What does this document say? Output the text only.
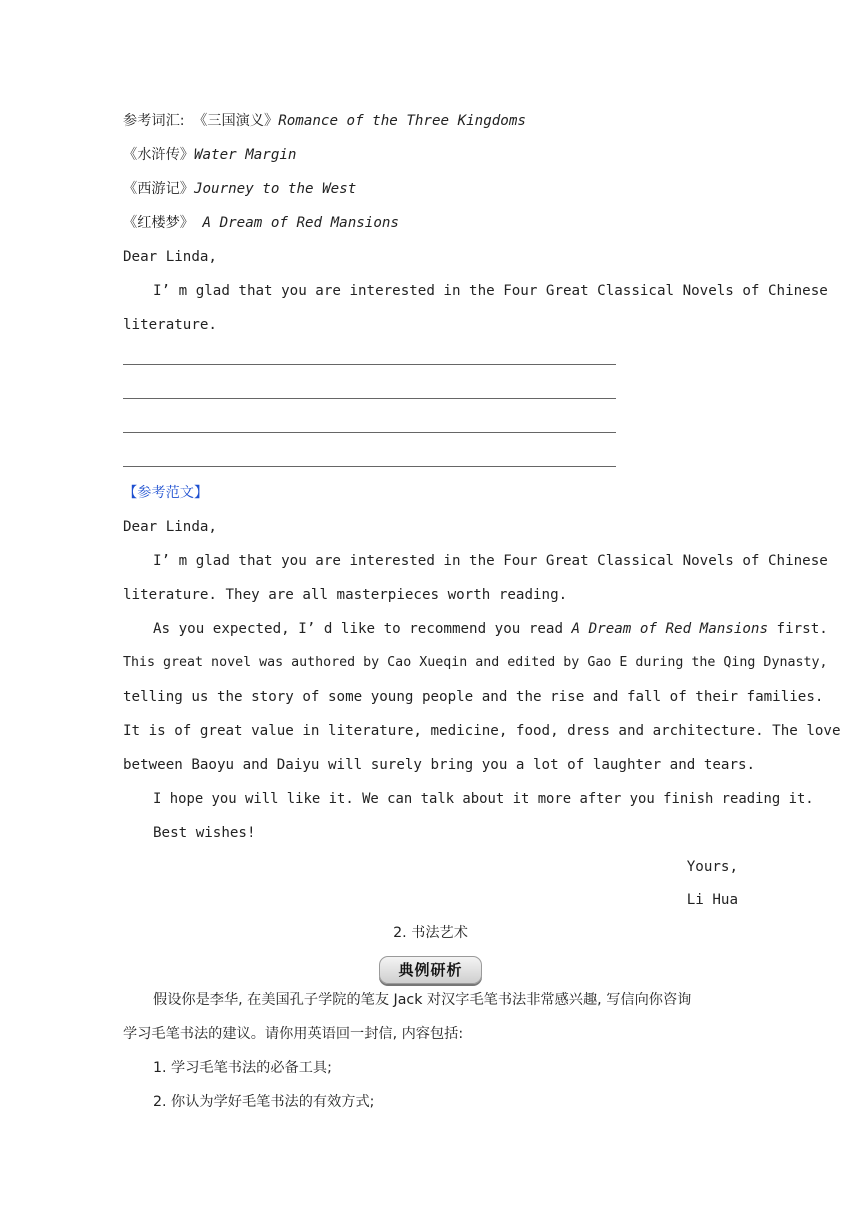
参考词汇: 《三国演义》Romance of the Three Kingdoms
《水浒传》Water Margin
《西游记》Journey to the West
《红楼梦》 A Dream of Red Mansions
Dear Linda,
I’ m glad that you are interested in the Four Great Classical Novels of Chinese
literature.
【参考范文】
Dear Linda,
I’ m glad that you are interested in the Four Great Classical Novels of Chinese
literature. They are all masterpieces worth reading.
As you expected, I’ d like to recommend you read A Dream of Red Mansions first.
This great novel was authored by Cao Xueqin and edited by Gao E during the Qing Dynasty,
telling us the story of some young people and the rise and fall of their families.
It is of great value in literature, medicine, food, dress and architecture. The love
between Baoyu and Daiyu will surely bring you a lot of laughter and tears.
I hope you will like it. We can talk about it more after you finish reading it.
Best wishes!
Yours,
Li Hua
2. 书法艺术
典例研析
假设你是李华, 在美国孔子学院的笔友 Jack 对汉字毛笔书法非常感兴趣, 写信向你咨询
学习毛笔书法的建议。请你用英语回一封信, 内容包括:
1. 学习毛笔书法的必备工具;
2. 你认为学好毛笔书法的有效方式;
